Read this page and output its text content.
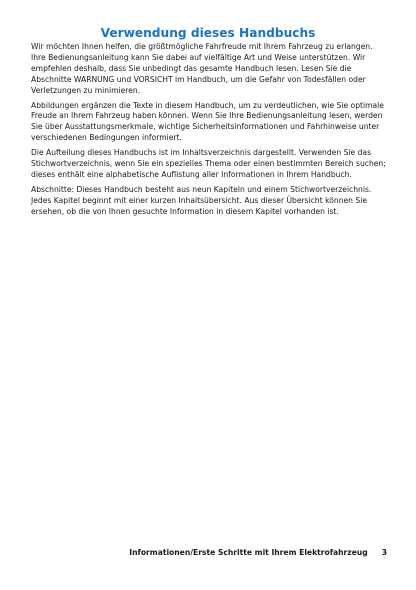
Verwendung dieses Handbuchs

Wir möchten Ihnen helfen, die größtmögliche Fahrfreude mit Ihrem Fahrzeug zu erlangen. Ihre Bedienungsanleitung kann Sie dabei auf vielfältige Art und Weise unterstützen. Wir empfehlen deshalb, dass Sie unbedingt das gesamte Handbuch lesen. Lesen Sie die Abschnitte WARNUNG und VORSICHT im Handbuch, um die Gefahr von Todesfällen oder Verletzungen zu minimieren.

Abbildungen ergänzen die Texte in diesem Handbuch, um zu verdeutlichen, wie Sie optimale Freude an Ihrem Fahrzeug haben können. Wenn Sie Ihre Bedienungsanleitung lesen, werden Sie über Ausstattungsmerkmale, wichtige Sicherheitsinformationen und Fahrhinweise unter verschiedenen Bedingungen informiert.

Die Aufteilung dieses Handbuchs ist im Inhaltsverzeichnis dargestellt. Verwenden Sie das Stichwortverzeichnis, wenn Sie ein spezielles Thema oder einen bestimmten Bereich suchen; dieses enthält eine alphabetische Auflistung aller Informationen in Ihrem Handbuch.

Abschnitte: Dieses Handbuch besteht aus neun Kapiteln und einem Stichwortverzeichnis. Jedes Kapitel beginnt mit einer kurzen Inhaltsübersicht. Aus dieser Übersicht können Sie ersehen, ob die von Ihnen gesuchte Information in diesem Kapitel vorhanden ist.

Informationen/Erste Schritte mit Ihrem Elektrofahrzeug 3
